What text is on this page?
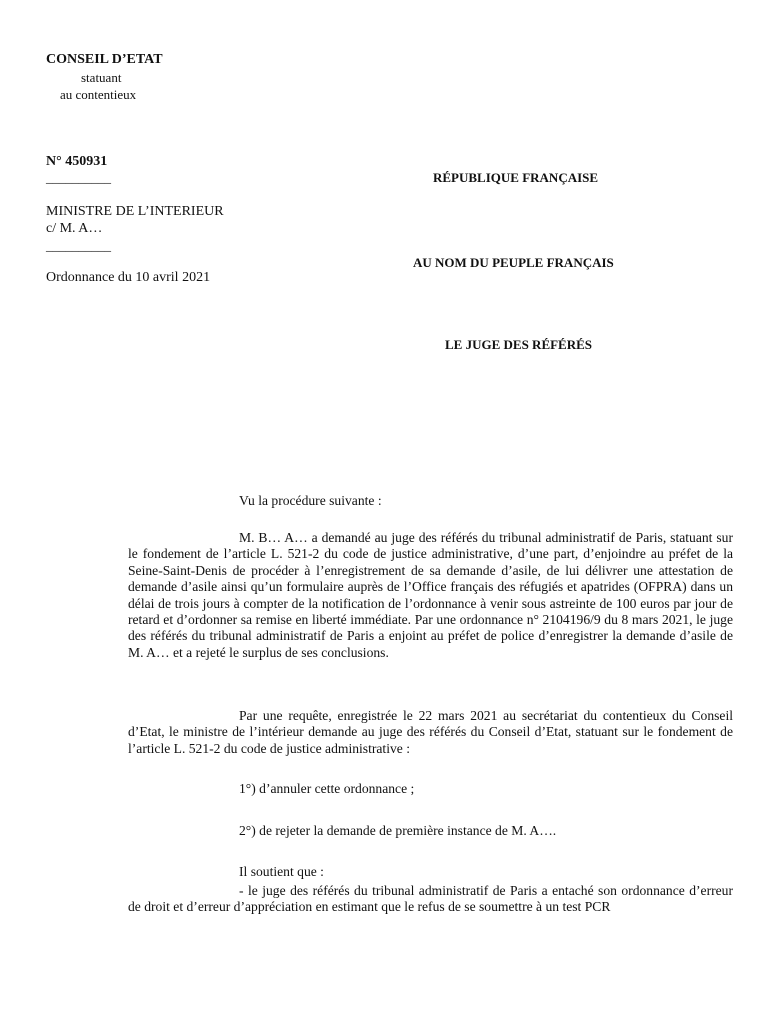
CONSEIL D’ETAT
statuant
au contentieux
N° 450931
__________
MINISTRE DE L’INTERIEUR
c/ M. A…
__________
Ordonnance du 10 avril 2021
RÉPUBLIQUE FRANÇAISE
AU NOM DU PEUPLE FRANÇAIS
LE JUGE DES RÉFÉRÉS
Vu la procédure suivante :

M. B… A… a demandé au juge des référés du tribunal administratif de Paris, statuant sur le fondement de l’article L. 521-2 du code de justice administrative, d’une part, d’enjoindre au préfet de la Seine-Saint-Denis de procéder à l’enregistrement de sa demande d’asile, de lui délivrer une attestation de demande d’asile ainsi qu’un formulaire auprès de l’Office français des réfugiés et apatrides (OFPRA) dans un délai de trois jours à compter de la notification de l’ordonnance à venir sous astreinte de 100 euros par jour de retard et d’ordonner sa remise en liberté immédiate. Par une ordonnance n° 2104196/9 du 8 mars 2021, le juge des référés du tribunal administratif de Paris a enjoint au préfet de police d’enregistrer la demande d’asile de M. A… et a rejeté le surplus de ses conclusions.

Par une requête, enregistrée le 22 mars 2021 au secrétariat du contentieux du Conseil d’Etat, le ministre de l’intérieur demande au juge des référés du Conseil d’Etat, statuant sur le fondement de l’article L. 521-2 du code de justice administrative :

1°) d’annuler cette ordonnance ;
2°) de rejeter la demande de première instance de M. A….
Il soutient que :

- le juge des référés du tribunal administratif de Paris a entaché son ordonnance d’erreur de droit et d’erreur d’appréciation en estimant que le refus de se soumettre à un test PCR
